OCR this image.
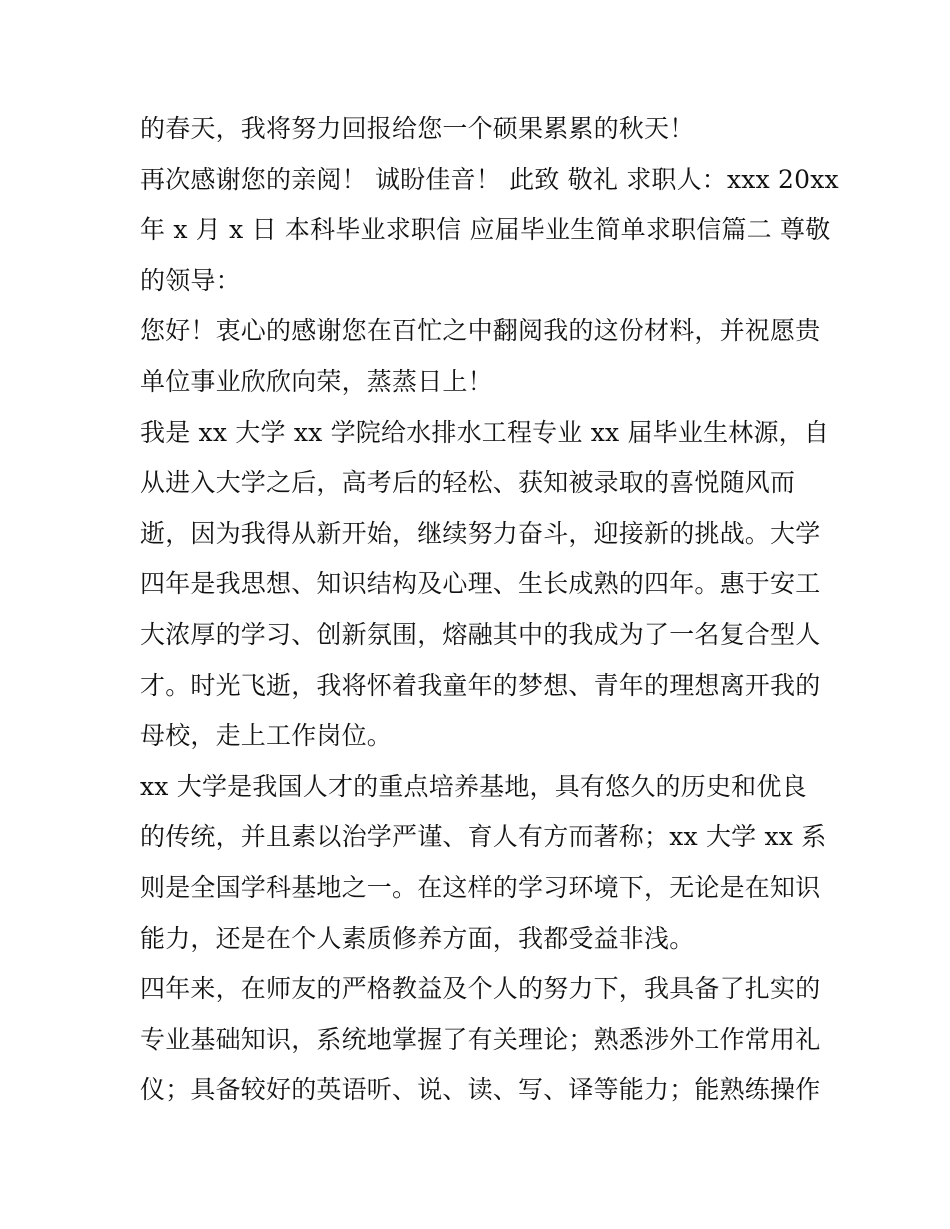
的春天，我将努力回报给您一个硕果累累的秋天！
再次感谢您的亲阅！ 诚盼佳音！ 此致 敬礼 求职人：xxx 20xx
年 x 月 x 日 本科毕业求职信 应届毕业生简单求职信篇二 尊敬
的领导：
您好！衷心的感谢您在百忙之中翻阅我的这份材料，并祝愿贵
单位事业欣欣向荣，蒸蒸日上！
我是 xx 大学 xx 学院给水排水工程专业 xx 届毕业生林源，自
从进入大学之后，高考后的轻松、获知被录取的喜悦随风而
逝，因为我得从新开始，继续努力奋斗，迎接新的挑战。大学
四年是我思想、知识结构及心理、生长成熟的四年。惠于安工
大浓厚的学习、创新氛围，熔融其中的我成为了一名复合型人
才。时光飞逝，我将怀着我童年的梦想、青年的理想离开我的
母校，走上工作岗位。
xx 大学是我国人才的重点培养基地，具有悠久的历史和优良
的传统，并且素以治学严谨、育人有方而著称；xx 大学 xx 系
则是全国学科基地之一。在这样的学习环境下，无论是在知识
能力，还是在个人素质修养方面，我都受益非浅。
四年来，在师友的严格教益及个人的努力下，我具备了扎实的
专业基础知识，系统地掌握了有关理论；熟悉涉外工作常用礼
仪；具备较好的英语听、说、读、写、译等能力；能熟练操作
